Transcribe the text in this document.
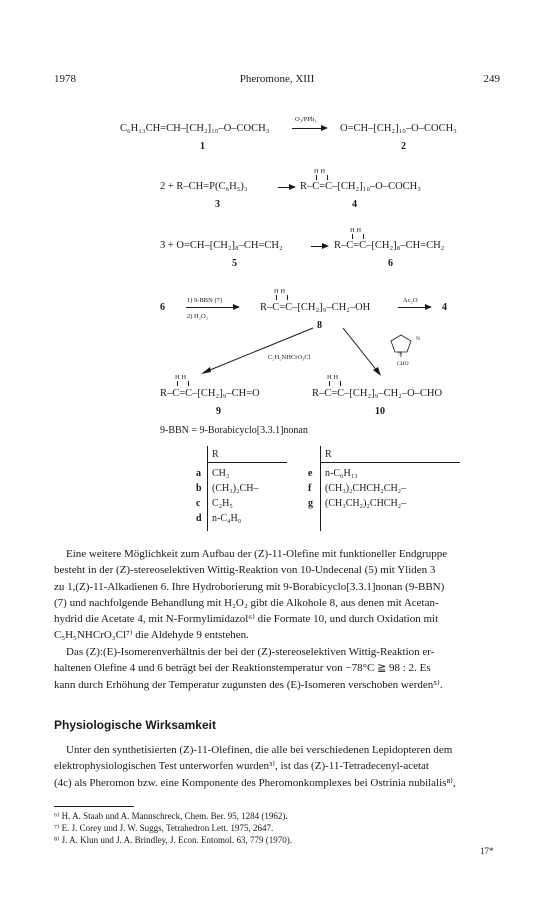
1978	Pheromone, XIII	249
C₆H₁₃CH=CH–[CH₂]₁₀–O–COCH₃
O₃/PPh₃
→ O=CH–[CH₂]₁₀–O–COCH₃
1	2
H H
2 + R–CH=P(C₆H₅)₃	R–C=C–[CH₂]₁₀–O–COCH₃
3	4
H H
3 + O=CH–[CH₂]₈–CH=CH₂	R–C=C–[CH₂]₈–CH=CH₂
5	6
6
1) 9-BBN (7)
2) H₂O₂
H H
R–C=C–[CH₂]₉–CH₂–OH
Ac₂O
→ 4
8
C₅H₅NHCrO₃Cl
N
N
CHO
H H
R–C=C–[CH₂]₉–CH=O
H H
R–C=C–[CH₂]₉–CH₂–O–CHO
9	10
9-BBN = 9-Borabicyclo[3.3.1]nonan
R	R
a CH₃
b (CH₃)₂CH–
c C₂H₅
d n-C₄H₉
e n-C₆H₁₃
f (CH₃)₂CHCH₂CH₂–
g (CH₃CH₂)₂CHCH₂–
Eine weitere Möglichkeit zum Aufbau der (Z)-11-Olefine mit funktioneller Endgruppe
besteht in der (Z)-stereoselektiven Wittig-Reaktion von 10-Undecenal (5) mit Yliden 3
zu 1,(Z)-11-Alkadienen 6. Ihre Hydroborierung mit 9-Borabicyclo[3.3.1]nonan (9-BBN)
(7) und nachfolgende Behandlung mit H₂O₂ gibt die Alkohole 8, aus denen mit Acetan-
hydrid die Acetate 4, mit N-Formylimidazol⁶⁾ die Formate 10, und durch Oxidation mit
C₅H₅NHCrO₃Cl⁷⁾ die Aldehyde 9 entstehen.
Das (Z):(E)-Isomerenverhältnis der bei der (Z)-stereoselektiven Wittig-Reaktion er-
haltenen Olefine 4 und 6 beträgt bei der Reaktionstemperatur von −78°C ≧ 98 : 2. Es
kann durch Erhöhung der Temperatur zugunsten des (E)-Isomeren verschoben werden⁵⁾.
Physiologische Wirksamkeit
Unter den synthetisierten (Z)-11-Olefinen, die alle bei verschiedenen Lepidopteren dem
elektrophysiologischen Test unterworfen wurden³⁾, ist das (Z)-11-Tetradecenyl-acetat
(4c) als Pheromon bzw. eine Komponente des Pheromonkomplexes bei Ostrinia nubilalis⁸⁾,
⁶⁾ H. A. Staab und A. Mannschreck, Chem. Ber. 95, 1284 (1962).
⁷⁾ E. J. Corey und J. W. Suggs, Tetrahedron Lett. 1975, 2647.
⁸⁾ J. A. Klun und J. A. Brindley, J. Econ. Entomol. 63, 779 (1970).
17*
